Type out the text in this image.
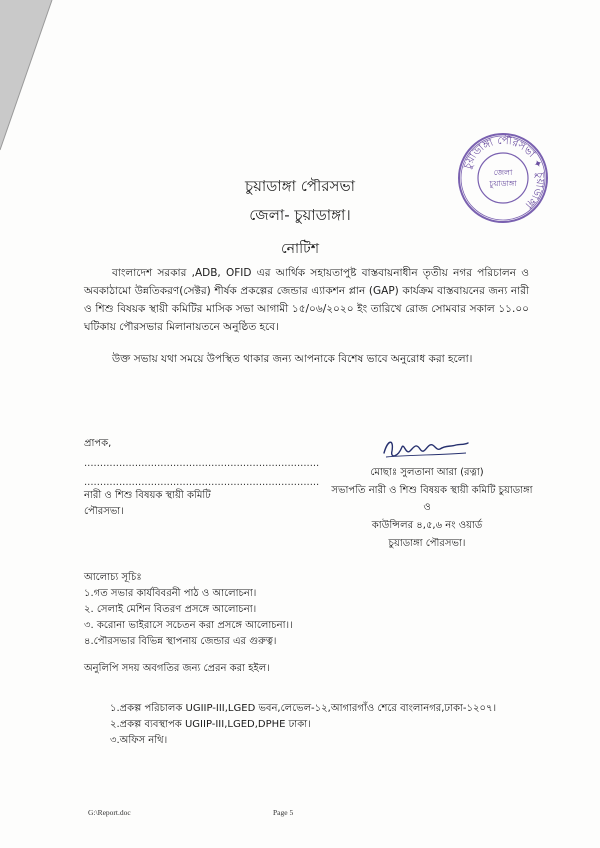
চুয়াডাঙ্গা পৌরসভা ✦ চুয়াডাঙ্গা
জেলা
চুয়াডাঙ্গা
চুয়াডাঙ্গা পৌরসভা
জেলা- চুয়াডাঙ্গা।
নোটিশ
বাংলাদেশ সরকার ,ADB, OFID এর আর্থিক সহায়তাপুষ্ট বাস্তবায়নাধীন তৃতীয় নগর পরিচালন ও অবকাঠামো উন্নতিকরণ(সেক্টর) শীর্ষক প্রকল্পের জেন্ডার এ্যাকশন প্লান (GAP) কার্যক্রম বাস্তবায়নের জন্য নারী ও শিশু বিষয়ক স্থায়ী কমিটির মাসিক সভা আগামী ১৫/০৬/২০২০ ইং তারিখে রোজ সোমবার সকাল ১১.০০ ঘটিকায় পৌরসভার মিলানায়তনে অনুষ্ঠিত হবে।
উক্ত সভায় যথা সময়ে উপস্থিত থাকার জন্য আপনাকে বিশেষ ভাবে অনুরোধ করা হলো।
প্রাপক,
..........................................................................
..........................................................................
নারী ও শিশু বিষয়ক স্থায়ী কমিটি
পৌরসভা।
মোছাঃ সুলতানা আরা (রত্না)
সভাপতি নারী ও শিশু বিষয়ক স্থায়ী কমিটি চুয়াডাঙ্গা
ও
কাউন্সিলর ৪,৫,৬ নং ওয়ার্ড
চুয়াডাঙ্গা পৌরসভা।
আলোচ্য সূচিঃ
১.গত সভার কার্যবিবরনী পাঠ ও আলোচনা।
২. সেলাই মেশিন বিতরণ প্রসঙ্গে আলোচনা।
৩. করোনা ভাইরাসে সচেতন করা প্রসঙ্গে আলোচনা।।
৪.পৌরসভার বিভিন্ন স্থাপনায় জেন্ডার এর গুরুত্ব।
অনুলিপি সদয় অবগতির জন্য প্রেরন করা হইল।
১.প্রকল্প পরিচালক UGIIP-III,LGED ভবন,লেভেল-১২,আগারগাঁও শেরে বাংলানগর,ঢাকা-১২০৭।
২.প্রকল্প ব্যবস্থাপক UGIIP-III,LGED,DPHE ঢাকা।
৩.অফিস নথি।
G:\Report.doc	Page 5
